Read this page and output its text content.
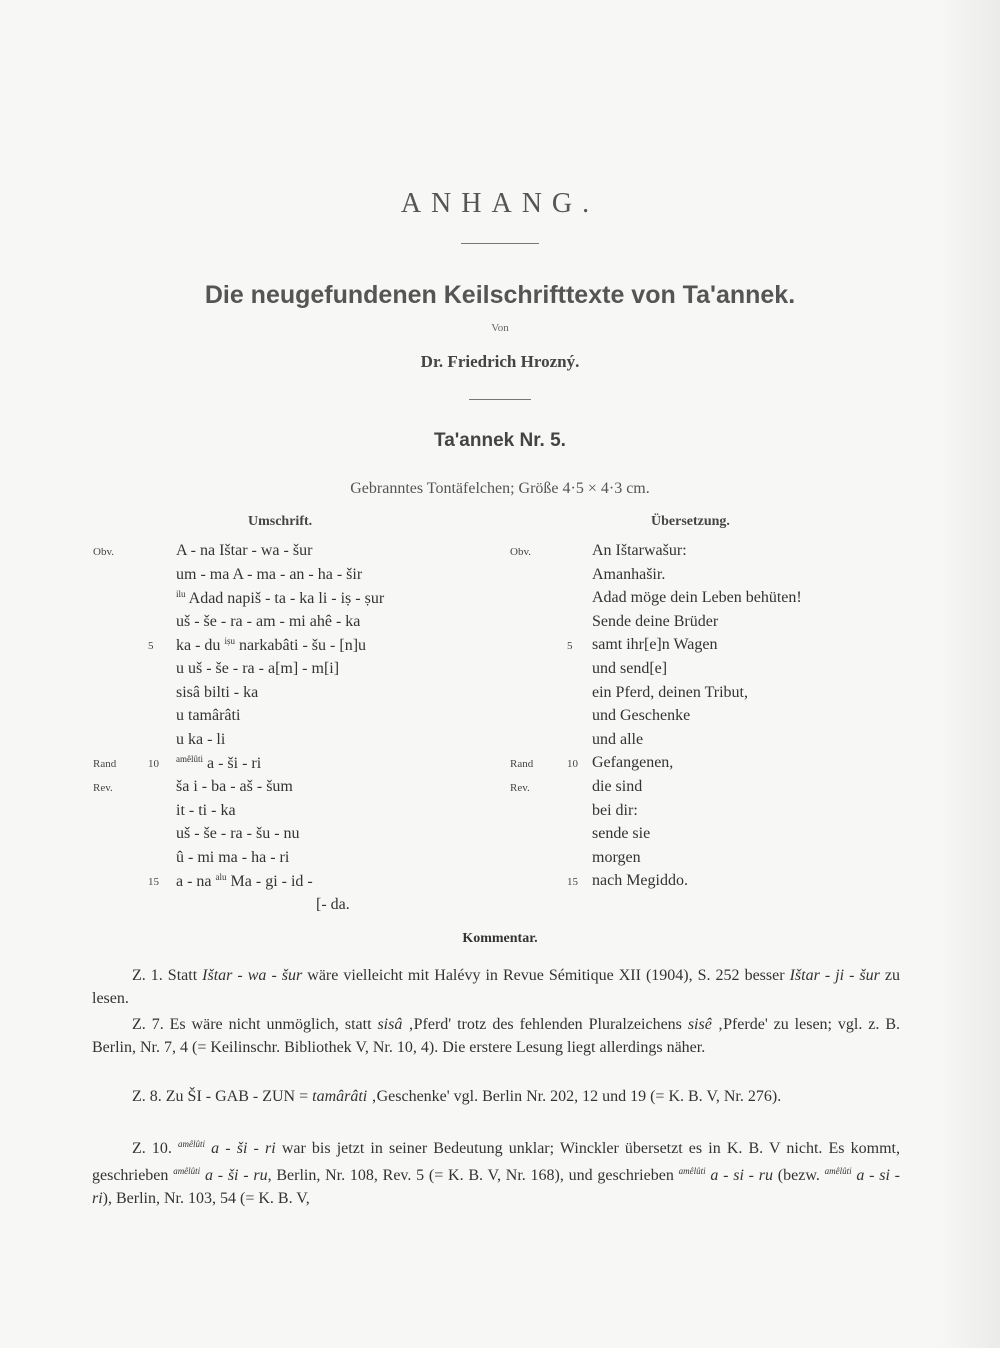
ANHANG.
Die neugefundenen Keilschrifttexte von Ta'annek.
Von
Dr. Friedrich Hrozný.
Ta'annek Nr. 5.
Gebranntes Tontäfelchen; Größe 4·5 × 4·3 cm.
Umschrift.	Übersetzung.
Obv.	A - na Ištar - wa - šur
um - ma A - ma - an - ha - šir
$^{ilu}$ Adad napiš - ta - ka li - iṣ - ṣur
uš - še - ra - am - mi ahê - ka
5 ka - du $^{iṣu}$ narkabâti - šu - [n]u
u uš - še - ra - a[m] - m[i]
sisâ bilti - ka
u tamârâti
u ka - li
Rand	10 $^{amêlûti}$ a - ši - ri
Rev.	ša i - ba - aš - šum
it - ti - ka
uš - še - ra - šu - nu
û - mi ma - ha - ri
15 a - na $^{alu}$ Ma - gi - id -
[- da.
Obv.	An Ištarwašur:
Amanhašir.
Adad möge dein Leben behüten!
Sende deine Brüder
5 samt ihr[e]n Wagen
und send[e]
ein Pferd, deinen Tribut,
und Geschenke
und alle
Rand	10 Gefangenen,
Rev.	die sind
bei dir:
sende sie
morgen
15 nach Megiddo.
Kommentar.
Z. 1. Statt Ištar - wa - šur wäre vielleicht mit Halévy in Revue Sémitique XII (1904), S. 252 besser Ištar - ji - šur zu lesen.
Z. 7. Es wäre nicht unmöglich, statt sisâ ‚Pferd' trotz des fehlenden Pluralzeichens sisê ‚Pferde' zu lesen; vgl. z. B. Berlin, Nr. 7, 4 (= Keilinschr. Bibliothek V, Nr. 10, 4). Die erstere Lesung liegt allerdings näher.
Z. 8. Zu ŠI - GAB - ZUN = tamârâti ‚Geschenke' vgl. Berlin Nr. 202, 12 und 19 (= K. B. V, Nr. 276).
Z. 10. $^{amêlûti}$ a - ši - ri war bis jetzt in seiner Bedeutung unklar; Winckler übersetzt es in K. B. V nicht. Es kommt, geschrieben $^{amêlûti}$ a - ši - ru, Berlin, Nr. 108, Rev. 5 (= K. B. V, Nr. 168), und geschrieben $^{amêlûti}$ a - si - ru (bezw. $^{amêlûti}$ a - si - ri), Berlin, Nr. 103, 54 (= K. B. V,
